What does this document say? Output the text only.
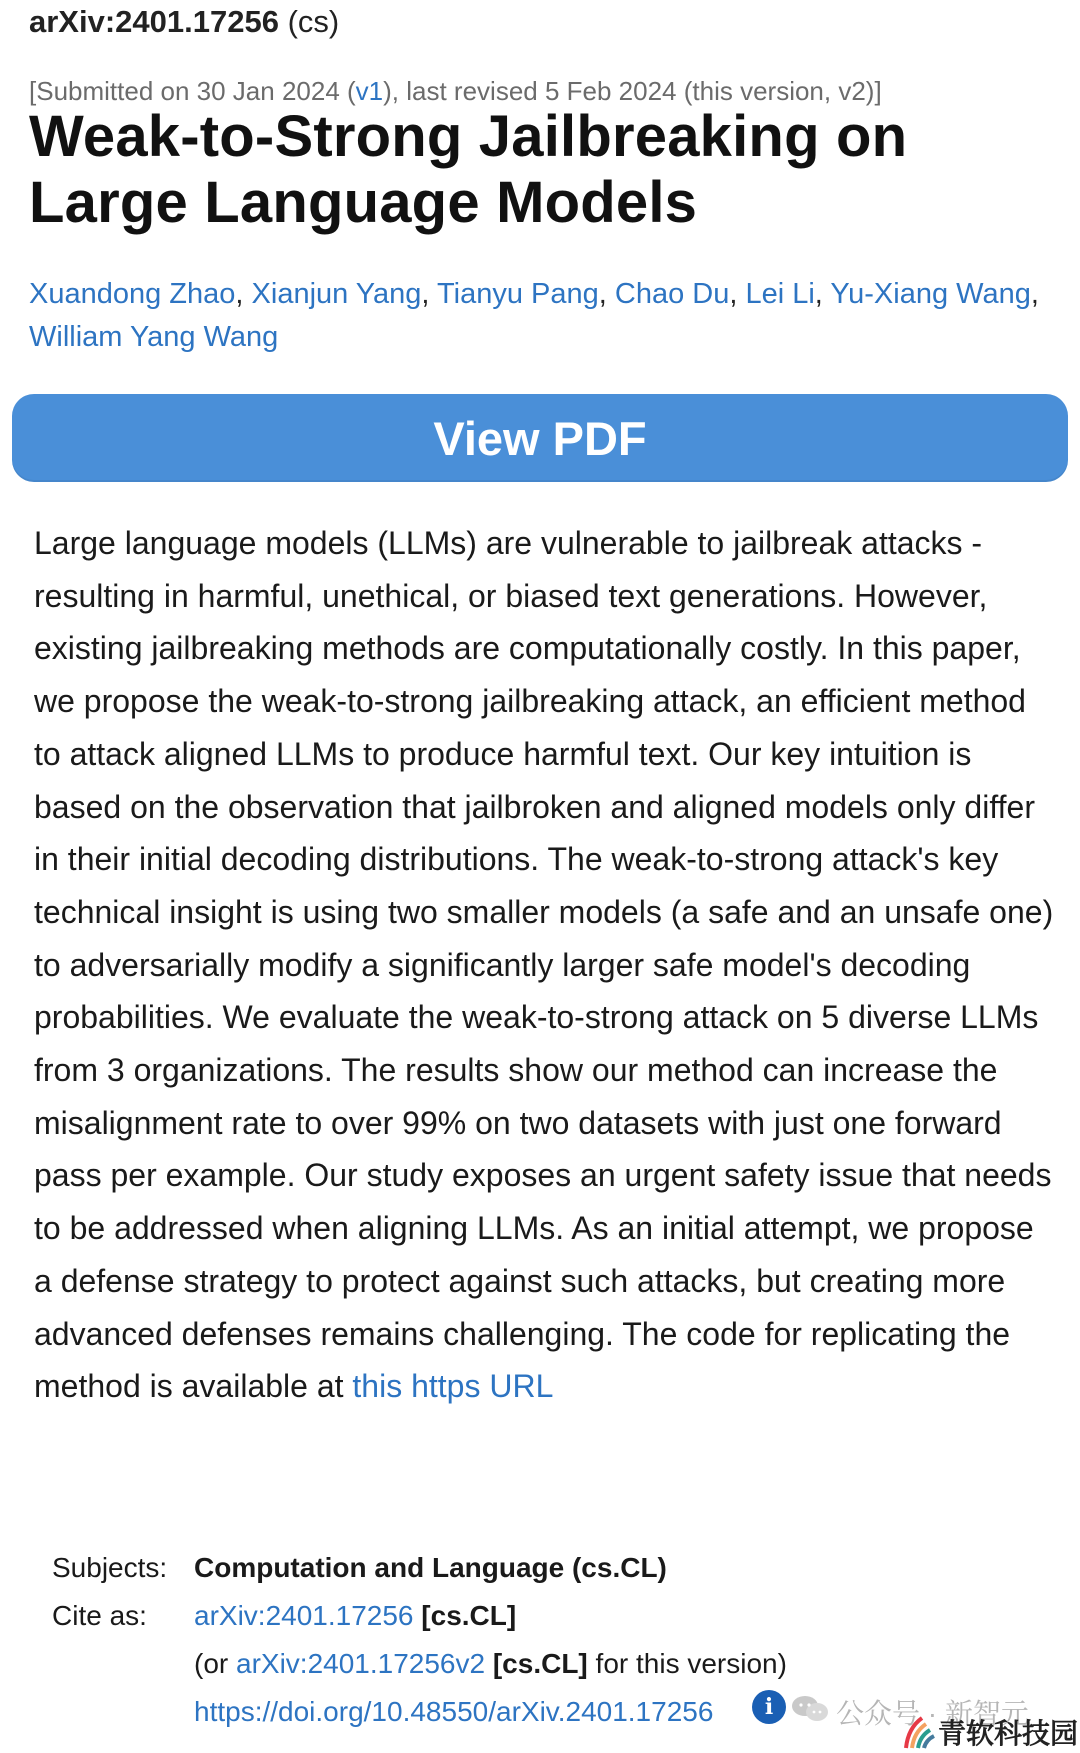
arXiv:2401.17256 (cs)
[Submitted on 30 Jan 2024 (v1), last revised 5 Feb 2024 (this version, v2)]
Weak-to-Strong Jailbreaking on Large Language Models
Xuandong Zhao, Xianjun Yang, Tianyu Pang, Chao Du, Lei Li, Yu-Xiang Wang,
William Yang Wang
View PDF
Large language models (LLMs) are vulnerable to jailbreak attacks - resulting in harmful, unethical, or biased text generations. However, existing jailbreaking methods are computationally costly. In this paper, we propose the weak-to-strong jailbreaking attack, an efficient method to attack aligned LLMs to produce harmful text. Our key intuition is based on the observation that jailbroken and aligned models only differ in their initial decoding distributions. The weak-to-strong attack's key technical insight is using two smaller models (a safe and an unsafe one) to adversarially modify a significantly larger safe model's decoding probabilities. We evaluate the weak-to-strong attack on 5 diverse LLMs from 3 organizations. The results show our method can increase the misalignment rate to over 99% on two datasets with just one forward pass per example. Our study exposes an urgent safety issue that needs to be addressed when aligning LLMs. As an initial attempt, we propose a defense strategy to protect against such attacks, but creating more advanced defenses remains challenging. The code for replicating the method is available at this https URL
Subjects: Computation and Language (cs.CL)
Cite as:	arXiv:2401.17256 [cs.CL]
(or arXiv:2401.17256v2 [cs.CL] for this version)
https://doi.org/10.48550/arXiv.2401.17256	i	公众号 · 新智元
青软科技园
